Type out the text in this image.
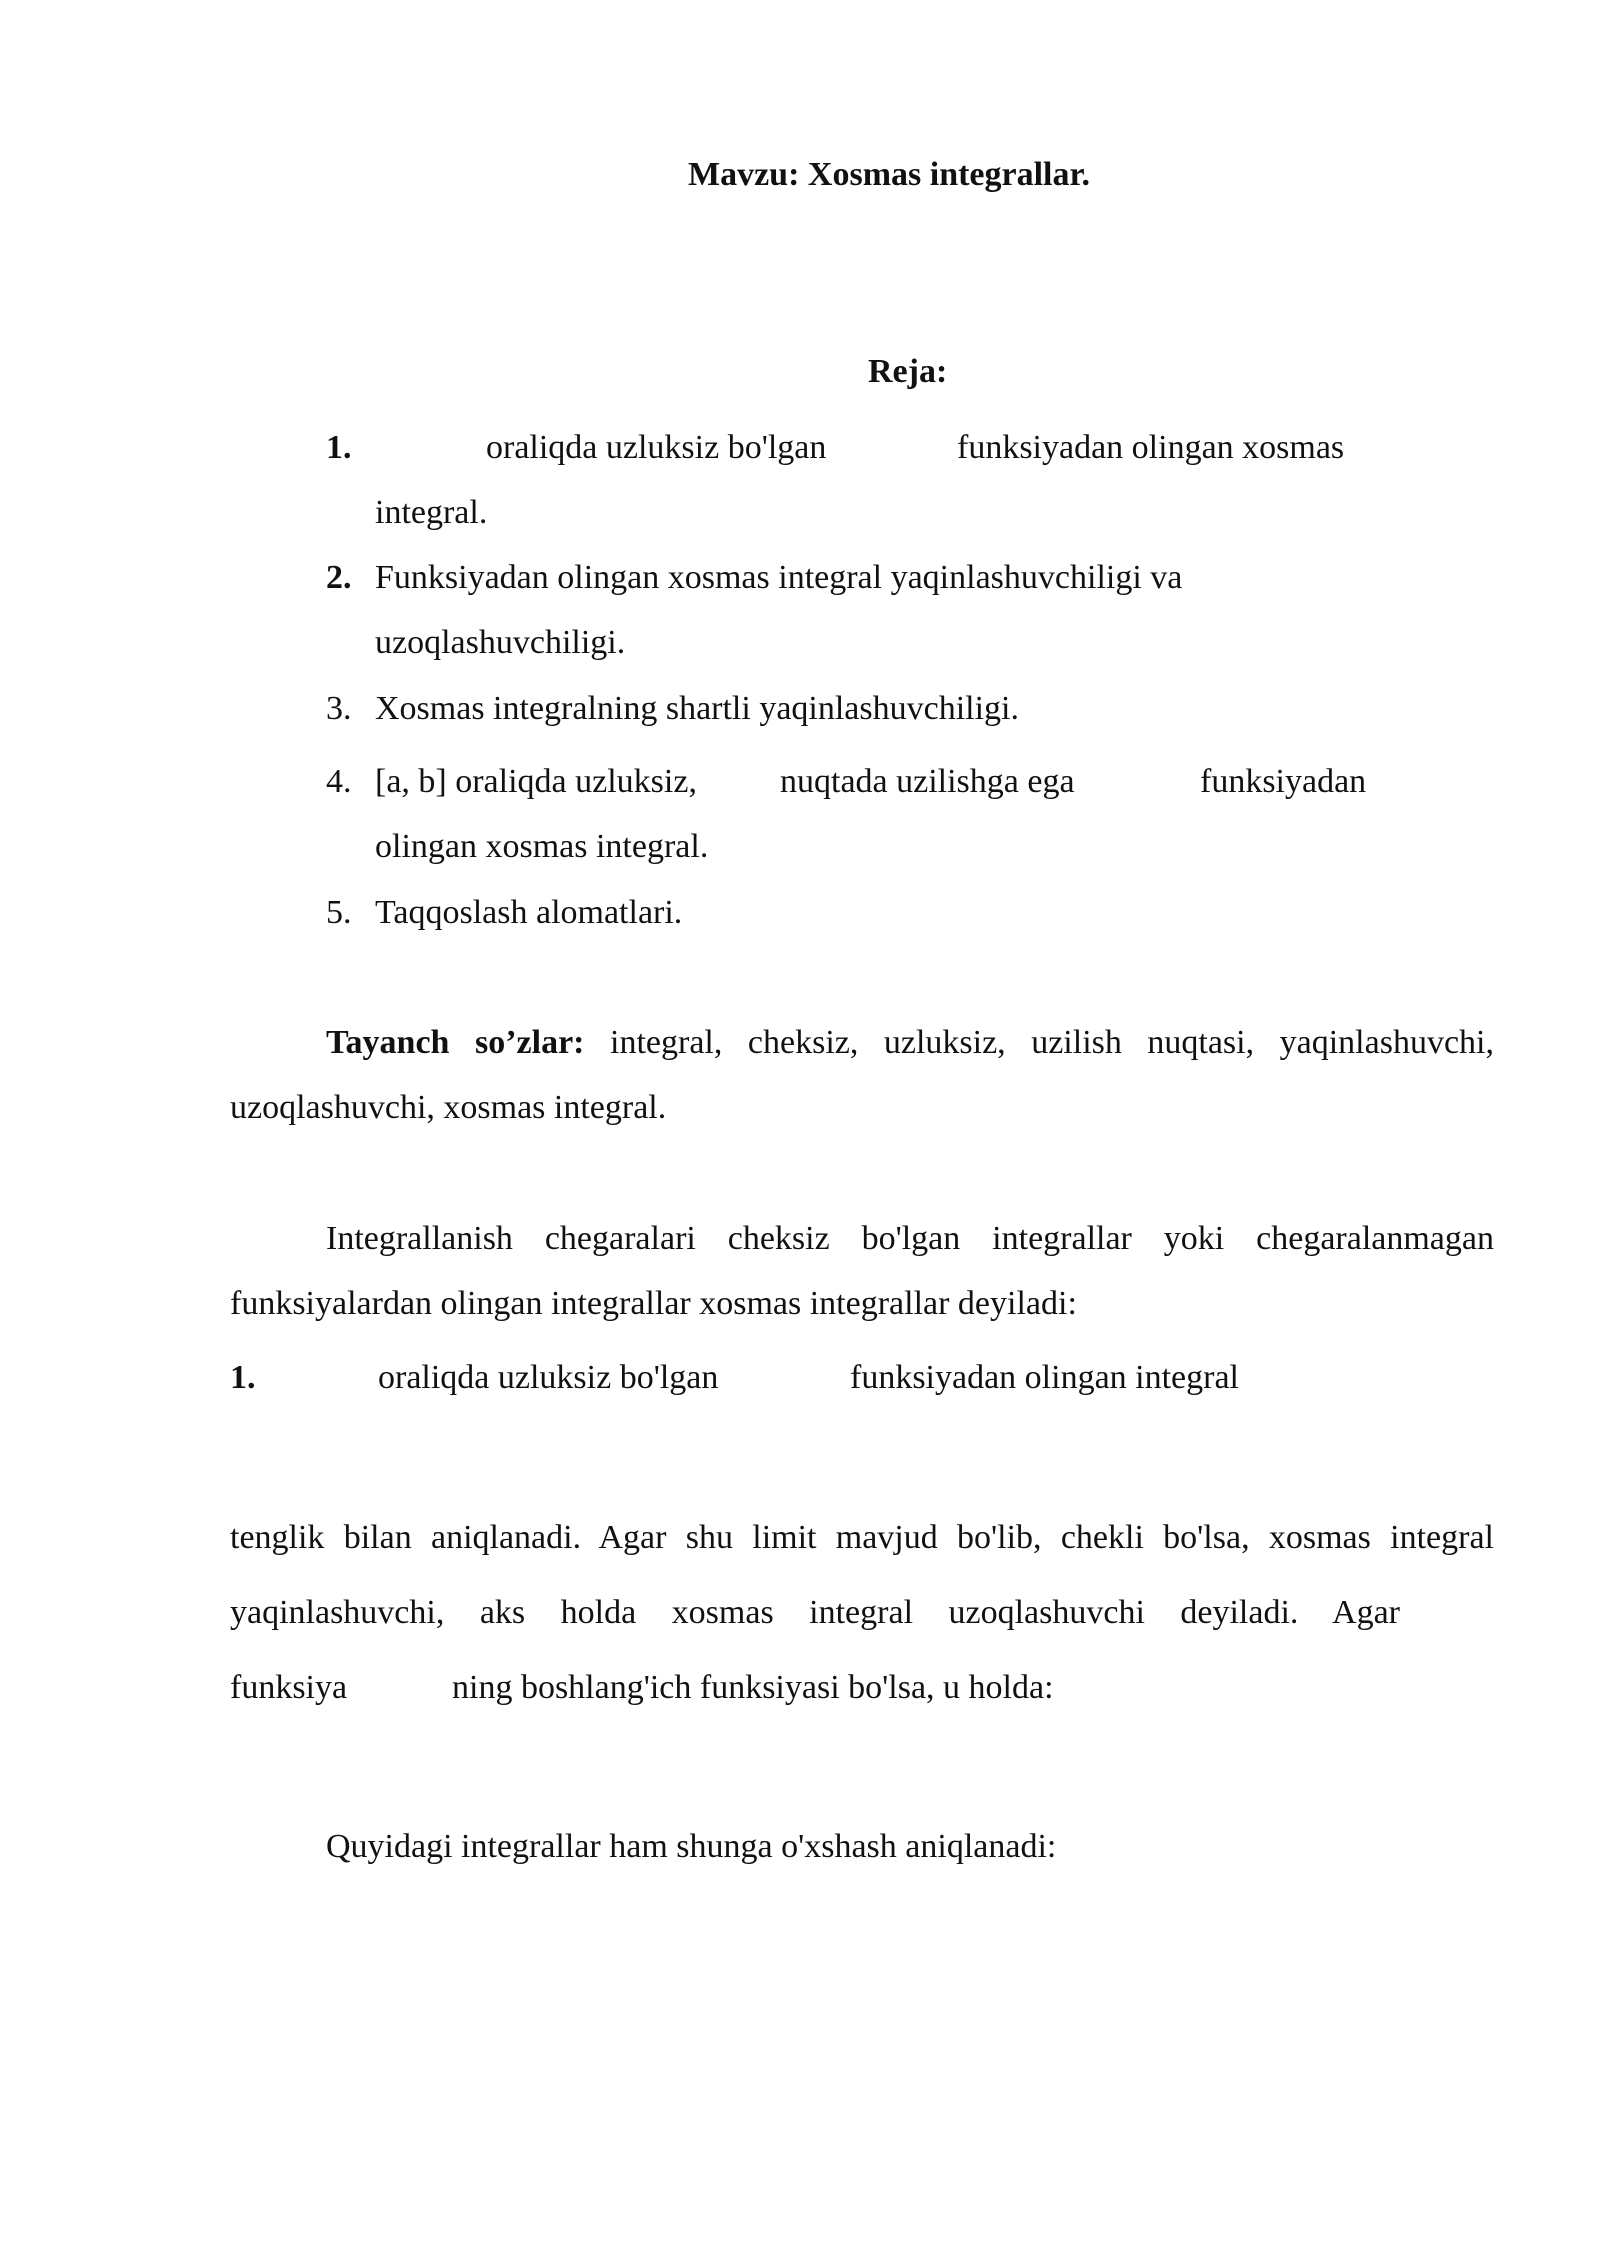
Mavzu: Xosmas integrallar.
Reja:
1.	oraliqda uzluksiz bo'lgan	funksiyadan olingan xosmas
integral.
2. Funksiyadan olingan xosmas integral yaqinlashuvchiligi va
uzoqlashuvchiligi.
3. Xosmas integralning shartli yaqinlashuvchiligi.
4. [a, b] oraliqda uzluksiz, nuqtada uzilishga ega	funksiyadan
olingan xosmas integral.
5. Taqqoslash alomatlari.
Tayanch so’zlar: integral, cheksiz, uzluksiz, uzilish nuqtasi, yaqinlashuvchi,
uzoqlashuvchi, xosmas integral.
Integrallanish chegaralari cheksiz bo'lgan integrallar yoki chegaralanmagan
funksiyalardan olingan integrallar xosmas integrallar deyiladi:
1.	oraliqda uzluksiz bo'lgan	funksiyadan olingan integral
tenglik bilan aniqlanadi. Agar shu limit mavjud bo'lib, chekli bo'lsa, xosmas integral
yaqinlashuvchi, aks holda xosmas integral uzoqlashuvchi deyiladi. Agar
funksiya	ning boshlang'ich funksiyasi bo'lsa, u holda:
Quyidagi integrallar ham shunga o'xshash aniqlanadi:
